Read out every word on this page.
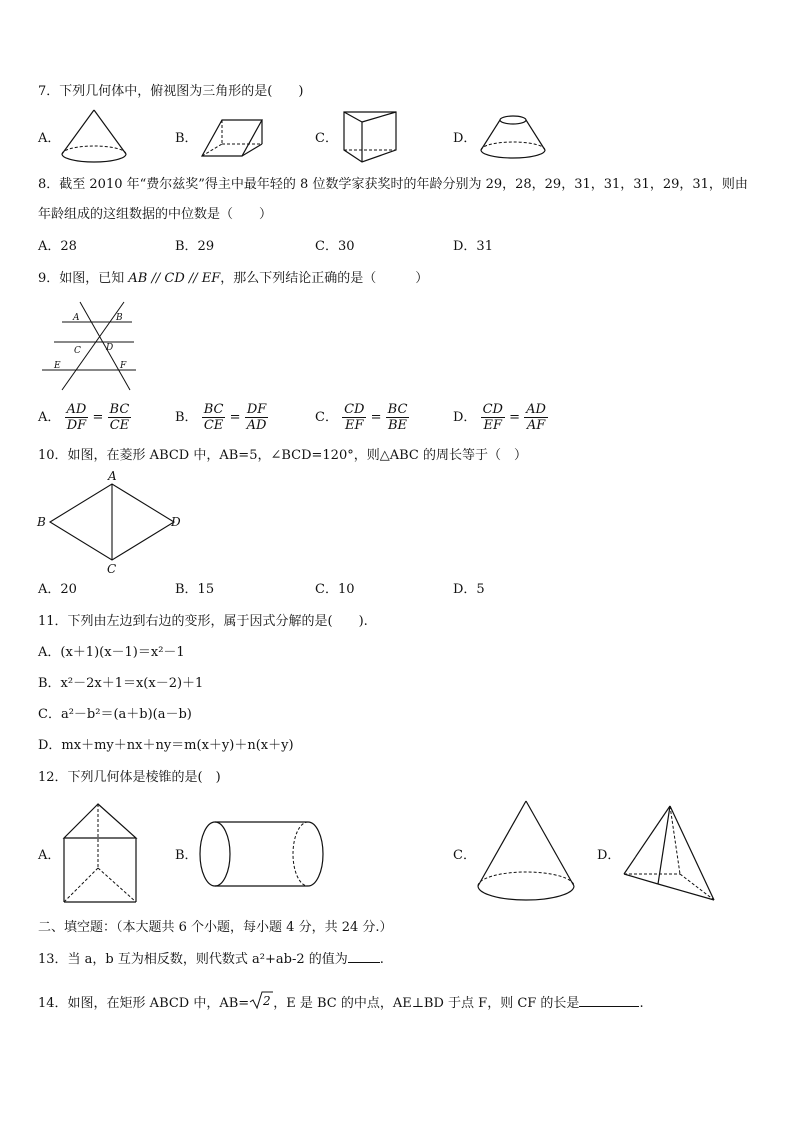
7．下列几何体中，俯视图为三角形的是(　　)
A．	B．	C．	D．
8．截至 2010 年“费尔兹奖”得主中最年轻的 8 位数学家获奖时的年龄分别为 29，28，29，31，31，31，29，31，则由
年龄组成的这组数据的中位数是（　　）
A．28	B．29	C．30	D．31
9．如图，已知 AB // CD // EF，那么下列结论正确的是（　　　）
A	B
C	D
E	F
A． $\frac{AD}{DF} = \frac{BC}{CE}$	B． $\frac{BC}{CE} = \frac{DF}{AD}$	C． $\frac{CD}{EF} = \frac{BC}{BE}$	D． $\frac{CD}{EF} = \frac{AD}{AF}$
10．如图，在菱形 ABCD 中，AB=5，∠BCD=120°，则△ABC 的周长等于（　）
A
B
C
D
A．20	B．15	C．10	D．5
11．下列由左边到右边的变形，属于因式分解的是(　　).
A．(x＋1)(x－1)＝x²－1
B．x²－2x＋1＝x(x－2)＋1
C．a²－b²＝(a＋b)(a－b)
D．mx＋my＋nx＋ny＝m(x＋y)＋n(x＋y)
12．下列几何体是棱锥的是(　)
A．	B．	C．	D．
二、填空题：（本大题共 6 个小题，每小题 4 分，共 24 分.）
13．当 a，b 互为相反数，则代数式 a²+ab-2 的值为 .
14．如图，在矩形 ABCD 中，AB= 2 ，E 是 BC 的中点，AE⊥BD 于点 F，则 CF 的长是	.
